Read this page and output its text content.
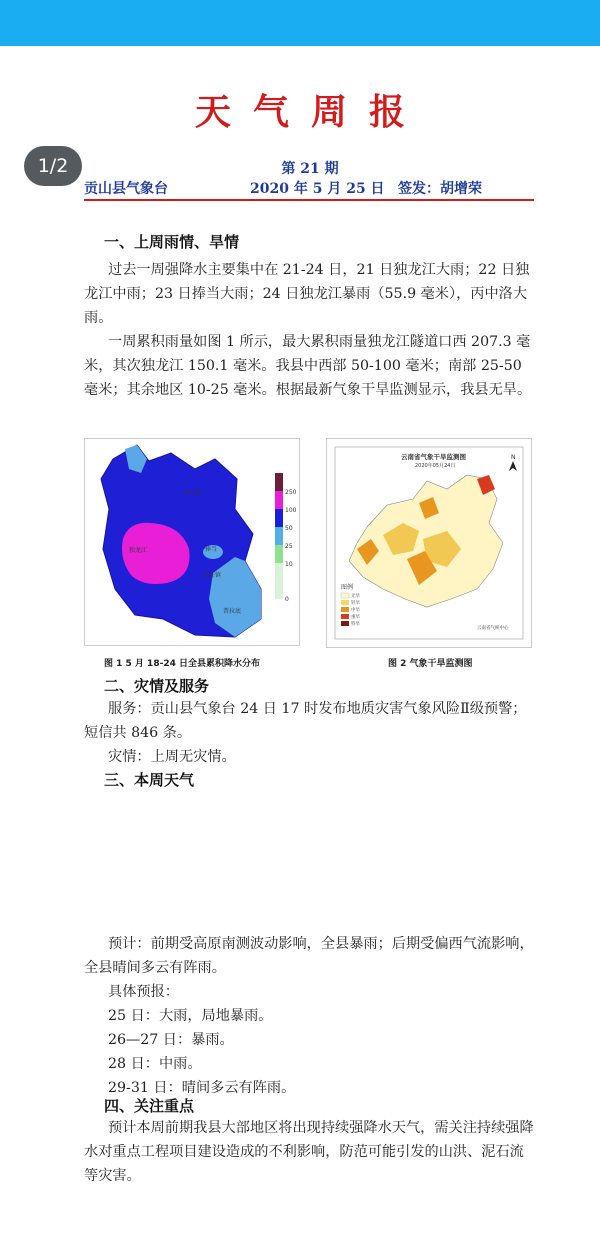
天气周报
1/2	第 21 期
贡山县气象台	2020 年 5 月 25 日 签发：胡增荣
一、上周雨情、旱情

过去一周强降水主要集中在 21-24 日，21 日独龙江大雨；22 日独龙江中雨；23 日捧当大雨；24 日独龙江暴雨（55.9 毫米），丙中洛大雨。

一周累积雨量如图 1 所示，最大累积雨量独龙江隧道口西 207.3 毫米，其次独龙江 150.1 毫米。我县中西部 50-100 毫米；南部 25-50 毫米；其余地区 10-25 毫米。根据最新气象干旱监测显示，我县无旱。

独龙江	捧当
丙中洛
茨开镇
普拉底
250
100
50
25
10
0
图 1 5 月 18-24 日全县累积降水分布
云南省气象干旱监测图
2020年05月24日
N
图例
无旱
轻旱
中旱
重旱
特旱
云南省气候中心
图 2 气象干旱监测图
二、灾情及服务

服务：贡山县气象台 24 日 17 时发布地质灾害气象风险Ⅱ级预警；短信共 846 条。

灾情：上周无灾情。

三、本周天气

预计：前期受高原南测波动影响，全县暴雨；后期受偏西气流影响，全县晴间多云有阵雨。

具体预报：

25 日：大雨，局地暴雨。

26—27 日：暴雨。

28 日：中雨。

29-31 日：晴间多云有阵雨。

四、关注重点

预计本周前期我县大部地区将出现持续强降水天气，需关注持续强降水对重点工程项目建设造成的不利影响，防范可能引发的山洪、泥石流等灾害。
